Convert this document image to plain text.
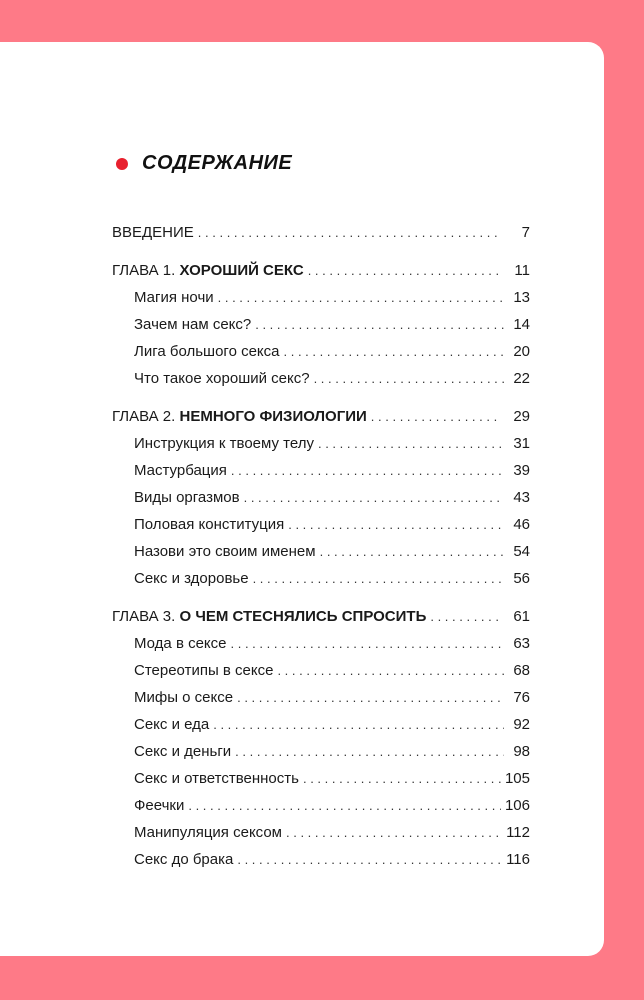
СОДЕРЖАНИЕ
ВВЕДЕНИЕ . . .	7
ГЛАВА 1. ХОРОШИЙ СЕКС . . .	11
Магия ночи . . .	13
Зачем нам секс? . . .	14
Лига большого секса . . .	20
Что такое хороший секс? . . .	22
ГЛАВА 2. НЕМНОГО ФИЗИОЛОГИИ . . .	29
Инструкция к твоему телу . . .	31
Мастурбация . . .	39
Виды оргазмов . . .	43
Половая конституция . . .	46
Назови это своим именем . . .	54
Секс и здоровье . . .	56
ГЛАВА 3. О ЧЕМ СТЕСНЯЛИСЬ СПРОСИТЬ . . .	61
Мода в сексе . . .	63
Стереотипы в сексе . . .	68
Мифы о сексе . . .	76
Секс и еда . . .	92
Секс и деньги . . .	98
Секс и ответственность . . .	105
Феечки . . .	106
Манипуляция сексом . . .	112
Секс до брака . . .	116
